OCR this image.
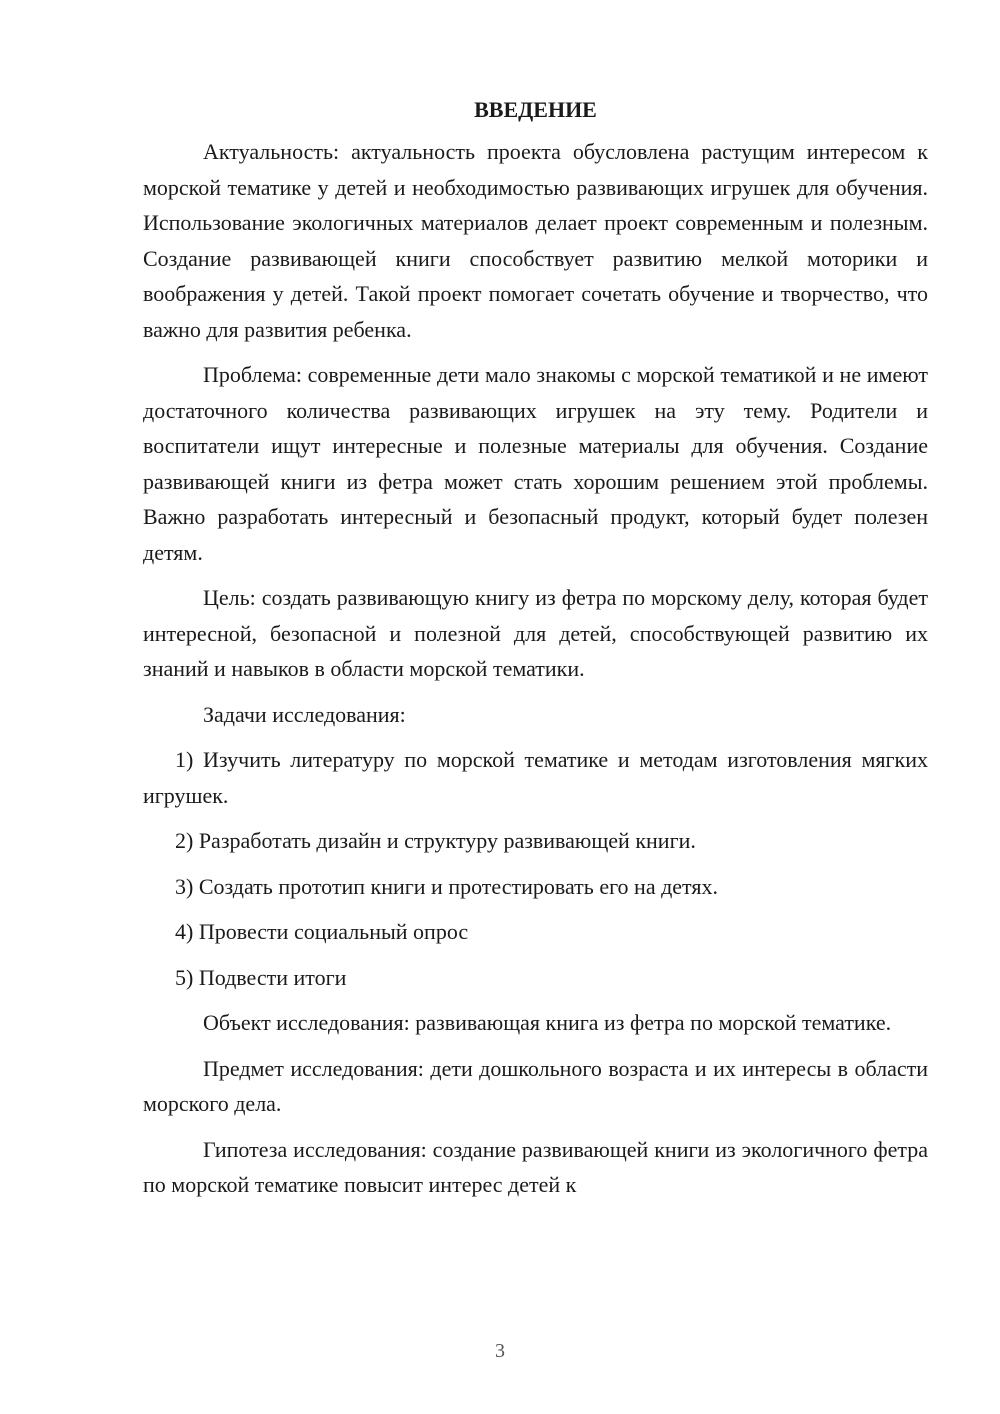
ВВЕДЕНИЕ

Актуальность: актуальность проекта обусловлена растущим интересом к морской тематике у детей и необходимостью развивающих игрушек для обучения. Использование экологичных материалов делает проект современным и полезным. Создание развивающей книги способствует развитию мелкой моторики и воображения у детей. Такой проект помогает сочетать обучение и творчество, что важно для развития ребенка.

Проблема: современные дети мало знакомы с морской тематикой и не имеют достаточного количества развивающих игрушек на эту тему. Родители и воспитатели ищут интересные и полезные материалы для обучения. Создание развивающей книги из фетра может стать хорошим решением этой проблемы. Важно разработать интересный и безопасный продукт, который будет полезен детям.

Цель: создать развивающую книгу из фетра по морскому делу, которая будет интересной, безопасной и полезной для детей, способствующей развитию их знаний и навыков в области морской тематики.

Задачи исследования:

1) Изучить литературу по морской тематике и методам изготовления мягких игрушек.

2) Разработать дизайн и структуру развивающей книги.

3) Создать прототип книги и протестировать его на детях.

4) Провести социальный опрос

5) Подвести итоги

Объект исследования: развивающая книга из фетра по морской тематике.

Предмет исследования: дети дошкольного возраста и их интересы в области морского дела.

Гипотеза исследования: создание развивающей книги из экологичного фетра по морской тематике повысит интерес детей к

3
